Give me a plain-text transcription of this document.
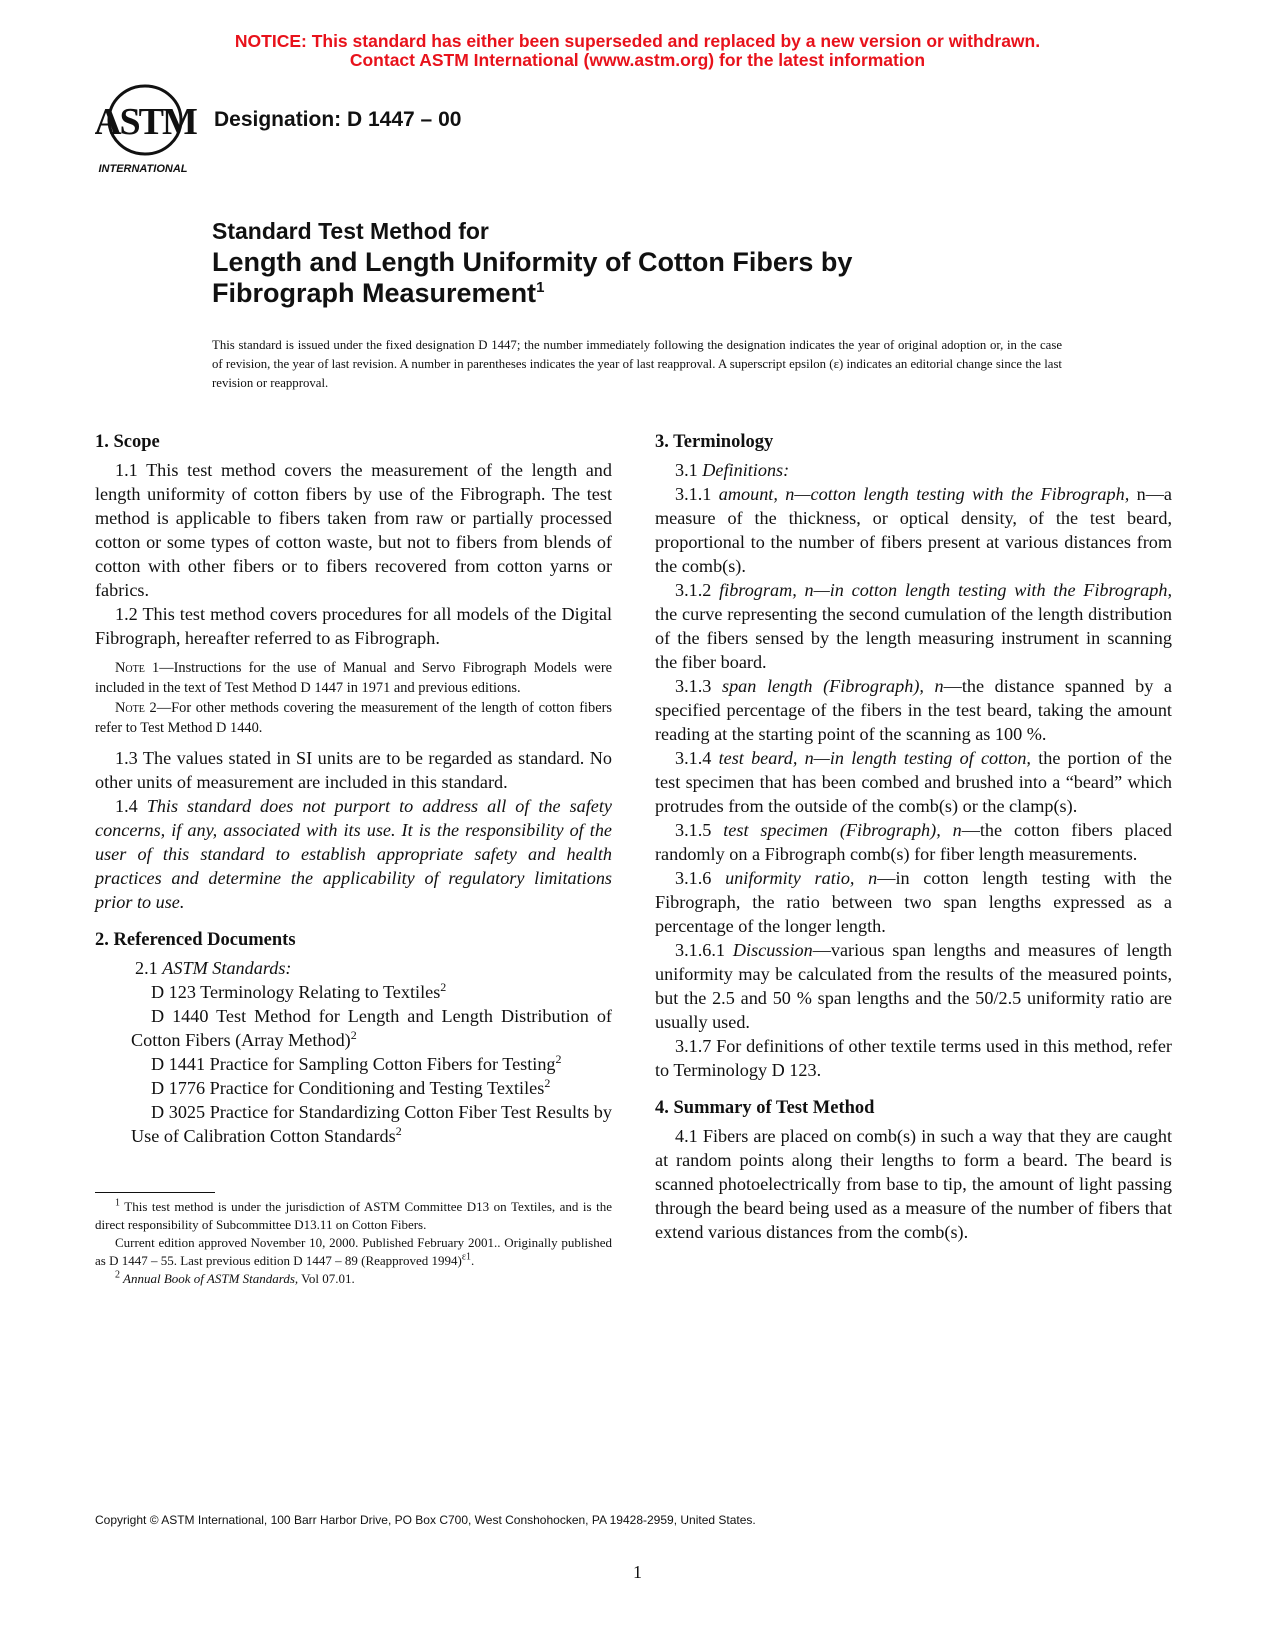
NOTICE: This standard has either been superseded and replaced by a new version or withdrawn.
Contact ASTM International (www.astm.org) for the latest information
ASTM
INTERNATIONAL
Designation: D 1447 – 00
Standard Test Method for
Length and Length Uniformity of Cotton Fibers by
Fibrograph Measurement$^1$
This standard is issued under the fixed designation D 1447; the number immediately following the designation indicates the year of original adoption or, in the case of revision, the year of last revision. A number in parentheses indicates the year of last reapproval. A superscript epsilon (ε) indicates an editorial change since the last revision or reapproval.
1. Scope

1.1 This test method covers the measurement of the length and length uniformity of cotton fibers by use of the Fibrograph. The test method is applicable to fibers taken from raw or partially processed cotton or some types of cotton waste, but not to fibers from blends of cotton with other fibers or to fibers recovered from cotton yarns or fabrics.

1.2 This test method covers procedures for all models of the Digital Fibrograph, hereafter referred to as Fibrograph.

Note 1—Instructions for the use of Manual and Servo Fibrograph Models were included in the text of Test Method D 1447 in 1971 and previous editions.

Note 2—For other methods covering the measurement of the length of cotton fibers refer to Test Method D 1440.

1.3 The values stated in SI units are to be regarded as standard. No other units of measurement are included in this standard.

1.4 This standard does not purport to address all of the safety concerns, if any, associated with its use. It is the responsibility of the user of this standard to establish appropriate safety and health practices and determine the applicability of regulatory limitations prior to use.

2. Referenced Documents

2.1 ASTM Standards:

D 123 Terminology Relating to Textiles$^2$

D 1440 Test Method for Length and Length Distribution of Cotton Fibers (Array Method)$^2$

D 1441 Practice for Sampling Cotton Fibers for Testing$^2$

D 1776 Practice for Conditioning and Testing Textiles$^2$

D 3025 Practice for Standardizing Cotton Fiber Test Results by Use of Calibration Cotton Standards$^2$

3. Terminology

3.1 Definitions:

3.1.1 amount, n—cotton length testing with the Fibrograph, n—a measure of the thickness, or optical density, of the test beard, proportional to the number of fibers present at various distances from the comb(s).

3.1.2 fibrogram, n—in cotton length testing with the Fibrograph, the curve representing the second cumulation of the length distribution of the fibers sensed by the length measuring instrument in scanning the fiber board.

3.1.3 span length (Fibrograph), n—the distance spanned by a specified percentage of the fibers in the test beard, taking the amount reading at the starting point of the scanning as 100 %.

3.1.4 test beard, n—in length testing of cotton, the portion of the test specimen that has been combed and brushed into a “beard” which protrudes from the outside of the comb(s) or the clamp(s).

3.1.5 test specimen (Fibrograph), n—the cotton fibers placed randomly on a Fibrograph comb(s) for fiber length measurements.

3.1.6 uniformity ratio, n—in cotton length testing with the Fibrograph, the ratio between two span lengths expressed as a percentage of the longer length.

3.1.6.1 Discussion—various span lengths and measures of length uniformity may be calculated from the results of the measured points, but the 2.5 and 50 % span lengths and the 50/2.5 uniformity ratio are usually used.

3.1.7 For definitions of other textile terms used in this method, refer to Terminology D 123.

4. Summary of Test Method

4.1 Fibers are placed on comb(s) in such a way that they are caught at random points along their lengths to form a beard. The beard is scanned photoelectrically from base to tip, the amount of light passing through the beard being used as a measure of the number of fibers that extend various distances from the comb(s).

$^1$ This test method is under the jurisdiction of ASTM Committee D13 on Textiles, and is the direct responsibility of Subcommittee D13.11 on Cotton Fibers.

Current edition approved November 10, 2000. Published February 2001.. Originally published as D 1447 – 55. Last previous edition D 1447 – 89 (Reapproved 1994)$^{\varepsilon 1}$.

$^2$ Annual Book of ASTM Standards, Vol 07.01.

Copyright © ASTM International, 100 Barr Harbor Drive, PO Box C700, West Conshohocken, PA 19428-2959, United States.
1
